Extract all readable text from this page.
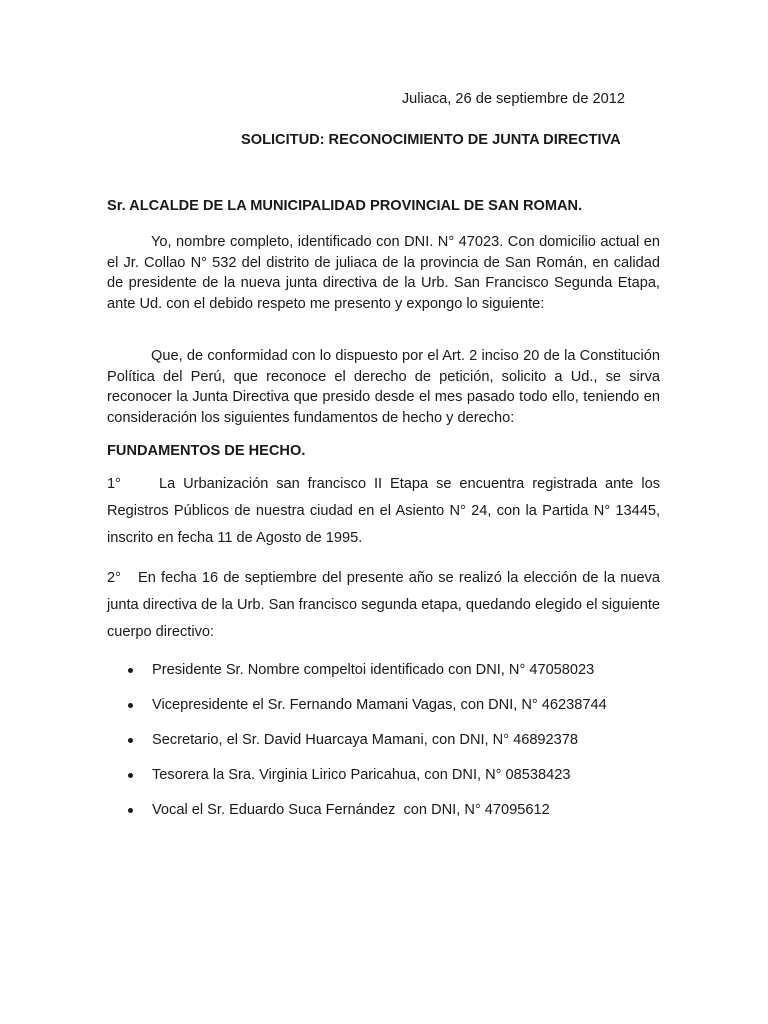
Juliaca, 26 de septiembre de 2012
SOLICITUD: RECONOCIMIENTO DE JUNTA DIRECTIVA
Sr. ALCALDE DE LA MUNICIPALIDAD PROVINCIAL DE SAN ROMAN.
Yo, nombre completo, identificado con DNI. N° 47023. Con domicilio actual en el Jr. Collao N° 532 del distrito de juliaca de la provincia de San Román, en calidad de presidente de la nueva junta directiva de la Urb. San Francisco Segunda Etapa, ante Ud. con el debido respeto me presento y expongo lo siguiente:
Que, de conformidad con lo dispuesto por el Art. 2 inciso 20 de la Constitución Política del Perú, que reconoce el derecho de petición, solicito a Ud., se sirva reconocer la Junta Directiva que presido desde el mes pasado todo ello, teniendo en consideración los siguientes fundamentos de hecho y derecho:
FUNDAMENTOS DE HECHO.
1°	La Urbanización san francisco II Etapa se encuentra registrada ante los Registros Públicos de nuestra ciudad en el Asiento N° 24, con la Partida N° 13445, inscrito en fecha 11 de Agosto de 1995.
2° En fecha 16 de septiembre del presente año se realizó la elección de la nueva junta directiva de la Urb. San francisco segunda etapa, quedando elegido el siguiente cuerpo directivo:
Presidente Sr. Nombre compeltoi identificado con DNI, N° 47058023
Vicepresidente el Sr. Fernando Mamani Vagas, con DNI, N° 46238744
Secretario, el Sr. David Huarcaya Mamani, con DNI, N° 46892378
Tesorera la Sra. Virginia Lirico Paricahua, con DNI, N° 08538423
Vocal el Sr. Eduardo Suca Fernández  con DNI, N° 47095612
